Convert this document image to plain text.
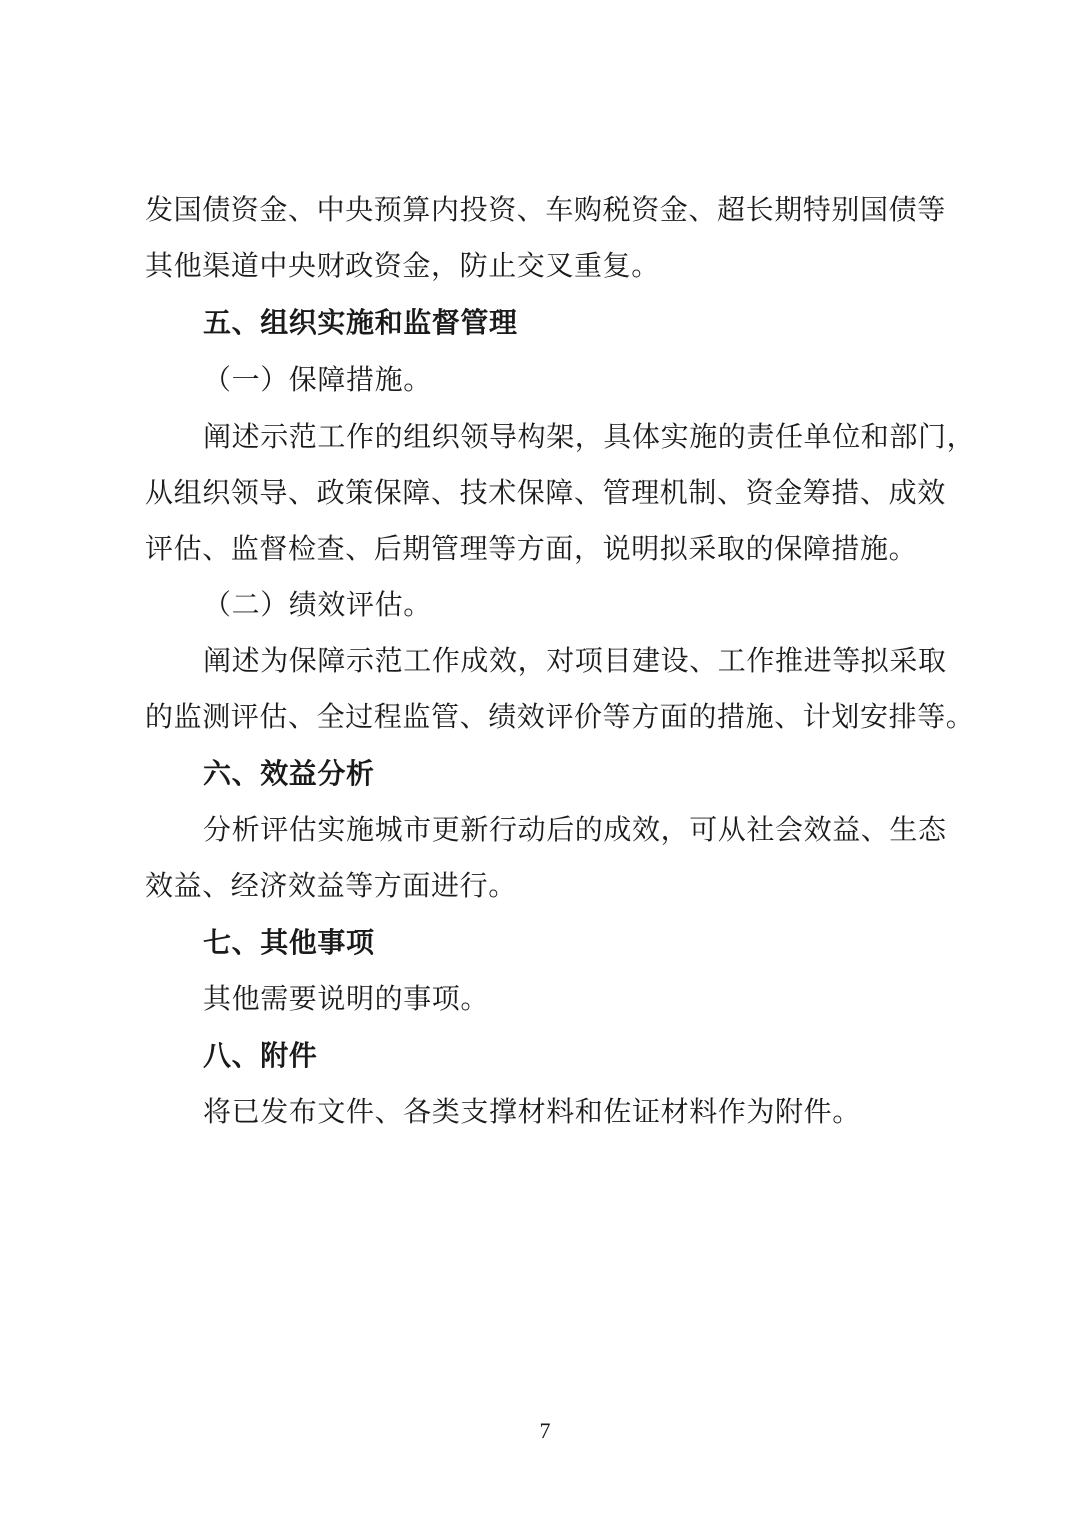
发国债资金、中央预算内投资、车购税资金、超长期特别国债等
其他渠道中央财政资金，防止交叉重复。
五、组织实施和监督管理
（一）保障措施。
阐述示范工作的组织领导构架，具体实施的责任单位和部门，
从组织领导、政策保障、技术保障、管理机制、资金筹措、成效
评估、监督检查、后期管理等方面，说明拟采取的保障措施。
（二）绩效评估。
阐述为保障示范工作成效，对项目建设、工作推进等拟采取
的监测评估、全过程监管、绩效评价等方面的措施、计划安排等。
六、效益分析
分析评估实施城市更新行动后的成效，可从社会效益、生态
效益、经济效益等方面进行。
七、其他事项
其他需要说明的事项。
八、附件
将已发布文件、各类支撑材料和佐证材料作为附件。
7
